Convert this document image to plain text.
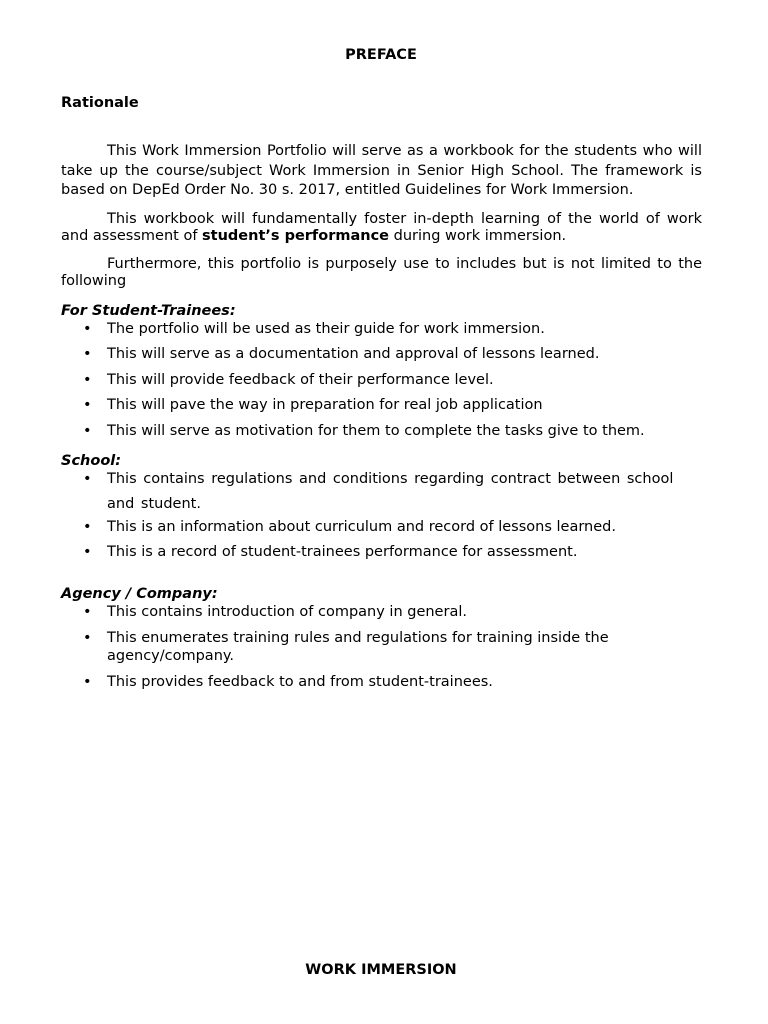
PREFACE

Rationale

This Work Immersion Portfolio will serve as a workbook for the students who will take up the course/subject Work Immersion in Senior High School. The framework is based on DepEd Order No. 30 s. 2017, entitled Guidelines for Work Immersion.

This workbook will fundamentally foster in-depth learning of the world of work and assessment of student’s performance during work immersion.

Furthermore, this portfolio is purposely use to includes but is not limited to the following

For Student-Trainees:

• The portfolio will be used as their guide for work immersion.
• This will serve as a documentation and approval of lessons learned.
• This will provide feedback of their performance level.
• This will pave the way in preparation for real job application
• This will serve as motivation for them to complete the tasks give to them.

School:

• This contains regulations and conditions regarding contract between school and student.
• This is an information about curriculum and record of lessons learned.
• This is a record of student-trainees performance for assessment.

Agency / Company:

• This contains introduction of company in general.
• This enumerates training rules and regulations for training inside the agency/company.
• This provides feedback to and from student-trainees.
WORK IMMERSION
